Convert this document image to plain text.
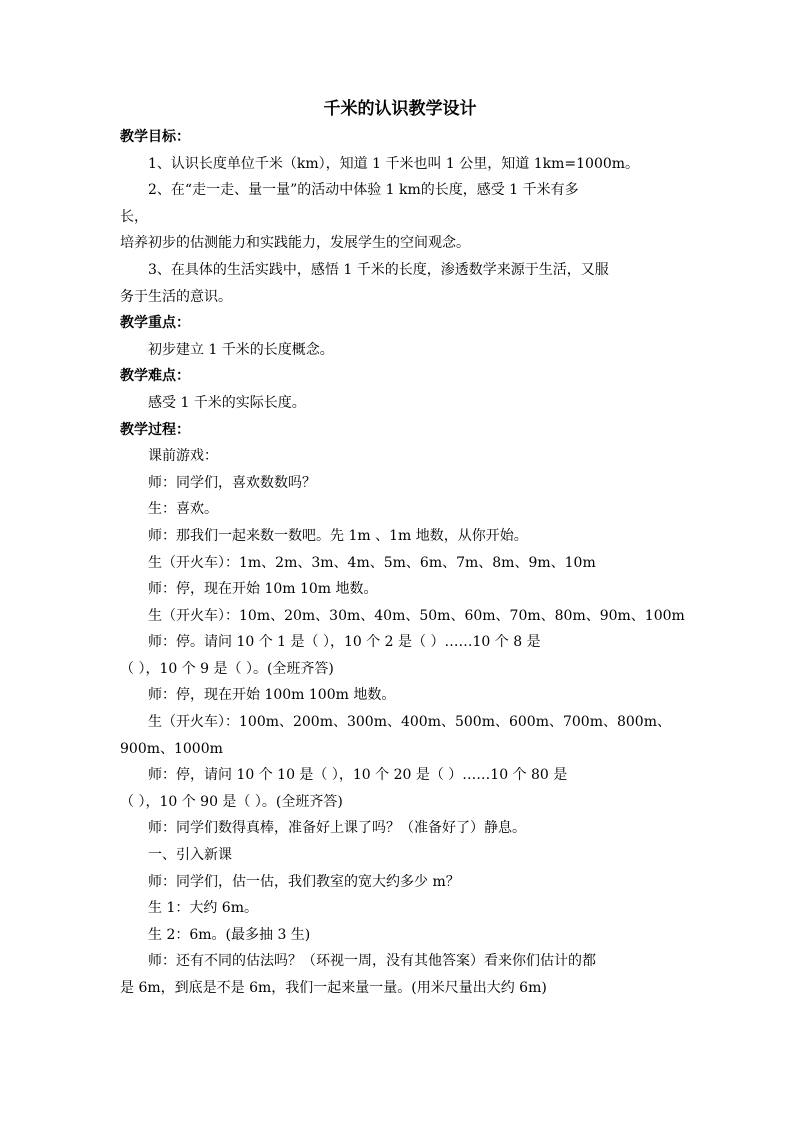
千米的认识教学设计

教学目标：

1、认识长度单位千米（km），知道 1 千米也叫 1 公里，知道 1km=1000m。

2、在“走一走、量一量”的活动中体验 1 km的长度，感受 1 千米有多

长，

培养初步的估测能力和实践能力，发展学生的空间观念。

3、在具体的生活实践中，感悟 1 千米的长度，渗透数学来源于生活，又服

务于生活的意识。

教学重点：

初步建立 1 千米的长度概念。

教学难点：

感受 1 千米的实际长度。

教学过程：

课前游戏：

师：同学们，喜欢数数吗？

生：喜欢。

师：那我们一起来数一数吧。先 1m 、1m 地数，从你开始。

生（开火车）：1m、2m、3m、4m、5m、6m、7m、8m、9m、10m

师：停，现在开始 10m 10m 地数。

生（开火车）：10m、20m、30m、40m、50m、60m、70m、80m、90m、100m

师：停。请问 10 个 1 是（ ），10 个 2 是（ ）……10 个 8 是

（ ），10 个 9 是（ ）。(全班齐答)

师：停，现在开始 100m 100m 地数。

生（开火车）：100m、200m、300m、400m、500m、600m、700m、800m、

900m、1000m

师：停，请问 10 个 10 是（ ），10 个 20 是（ ）……10 个 80 是

（ ），10 个 90 是（ ）。(全班齐答)

师：同学们数得真棒，准备好上课了吗？（准备好了）静息。

一、引入新课

师：同学们，估一估，我们教室的宽大约多少 m？

生 1：大约 6m。

生 2：6m。(最多抽 3 生)

师：还有不同的估法吗？（环视一周，没有其他答案）看来你们估计的都

是 6m，到底是不是 6m，我们一起来量一量。(用米尺量出大约 6m)
